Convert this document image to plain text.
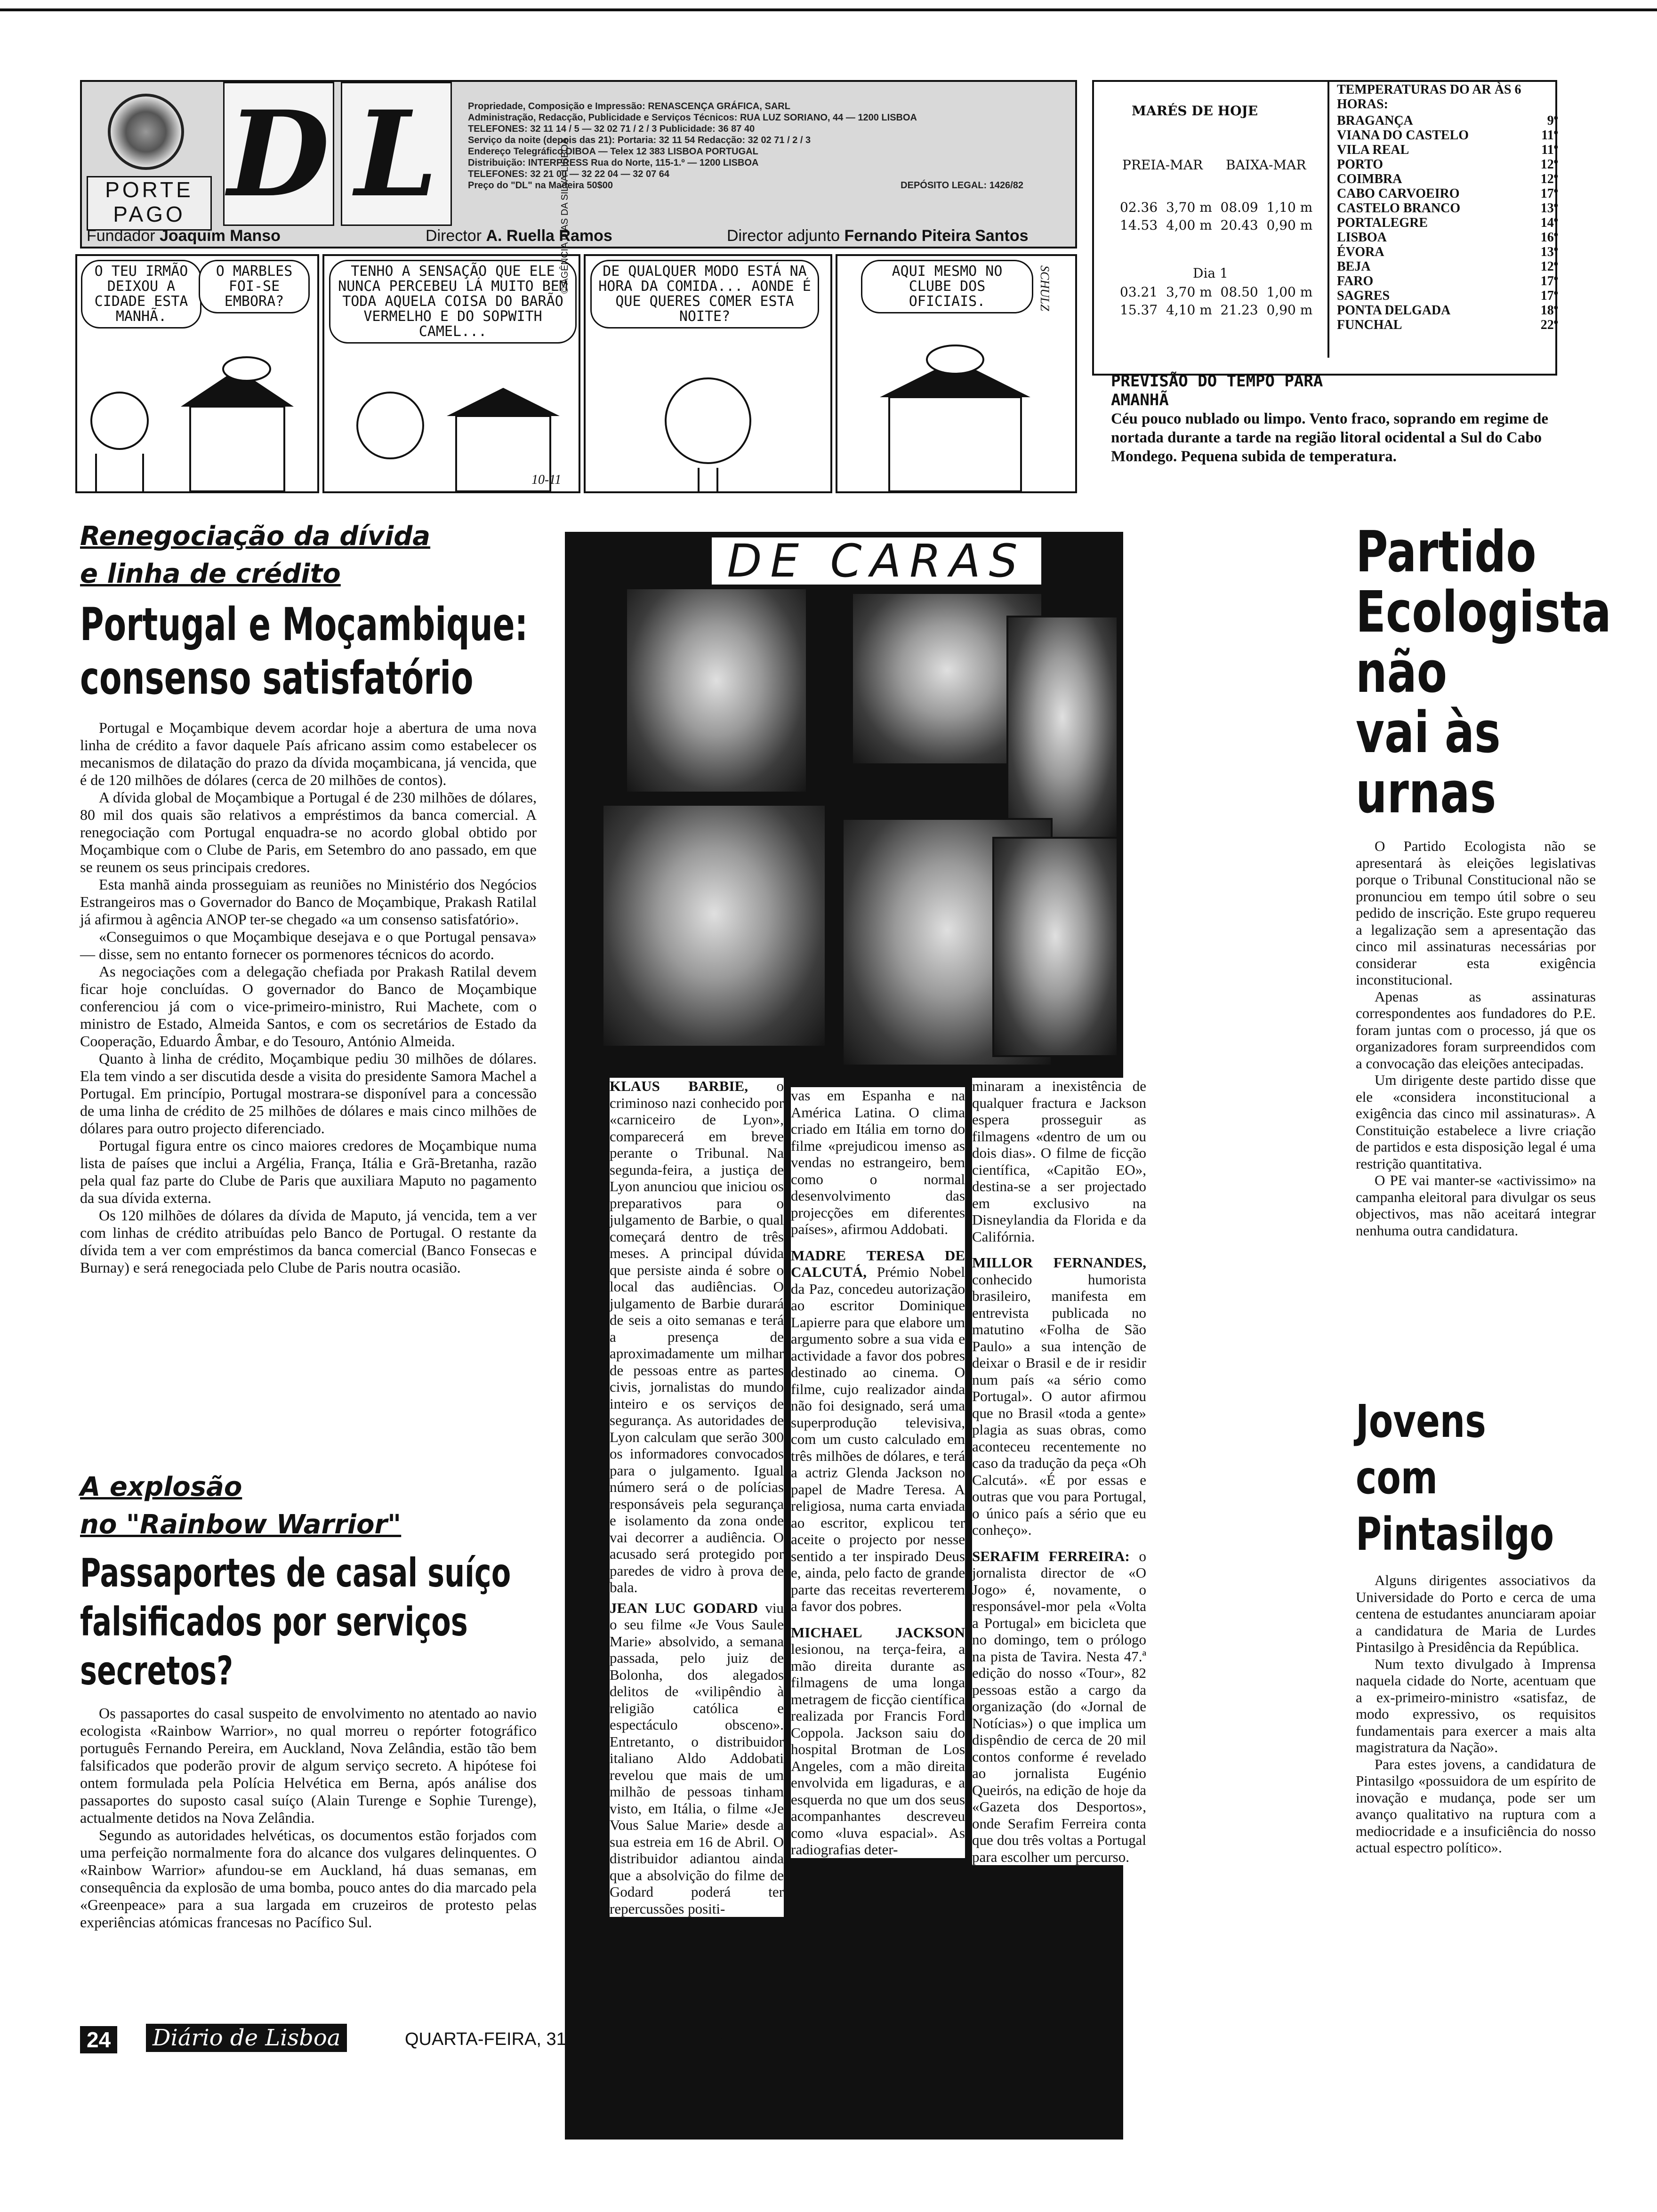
PORTE PAGO D L	Propriedade, Composição e Impressão: RENASCENÇA GRÁFICA, SARL
Administração, Redacção, Publicidade e Serviços Técnicos: RUA LUZ SORIANO, 44 — 1200 LISBOA
TELEFONES: 32 11 14 / 5 — 32 02 71 / 2 / 3 Publicidade: 36 87 40
Serviço da noite (depois das 21): Portaria: 32 11 54 Redacção: 32 02 71 / 2 / 3
Endereço Telegráfico DIBOA — Telex 12 383 LISBOA PORTUGAL
Distribuição: INTERPRESS Rua do Norte, 115-1.º — 1200 LISBOA
TELEFONES: 32 21 00 — 32 22 04 — 32 07 64
Preço do "DL" na Madeira 50$00	DEPÓSITO LEGAL: 1426/82
Fundador Joaquim Manso	Director A. Ruella Ramos	Director adjunto Fernando Piteira Santos
O TEU IRMÃO DEIXOU A CIDADE ESTA MANHÃ.
O MARBLES FOI-SE EMBORA?
TENHO A SENSAÇÃO QUE ELE NUNCA PERCEBEU LÁ MUITO BEM TODA AQUELA COISA DO BARÃO VERMELHO E DO SOPWITH CAMEL...
© AGÊNCIA DIAS DA SILVA-LISBOA
10-11
DE QUALQUER MODO ESTÁ NA HORA DA COMIDA... AONDE É QUE QUERES COMER ESTA NOITE?
AQUI MESMO NO CLUBE DOS OFICIAIS.	SCHULZ
MARÉS DE HOJE
PREIA-MAR BAIXA-MAR
02.36  3,70 m  08.09  1,10 m
14.53  4,00 m  20.43  0,90 m
Dia 1
03.21  3,70 m  08.50  1,00 m
15.37  4,10 m  21.23  0,90 m
TEMPERATURAS DO AR ÀS 6 HORAS:
BRAGANÇA	9º
VIANA DO CASTELO	11º
VILA REAL	11º
PORTO	12º
COIMBRA	12º
CABO CARVOEIRO	17º
CASTELO BRANCO	13º
PORTALEGRE	14º
LISBOA	16º
ÉVORA	13º
BEJA	12º
FARO	17º
SAGRES	17º
PONTA DELGADA	18º
FUNCHAL	22º
PREVISÃO DO TEMPO PARA AMANHÃ
Céu pouco nublado ou limpo. Vento fraco, soprando em regime de nortada durante a tarde na região litoral ocidental a Sul do Cabo Mondego. Pequena subida de temperatura.
Renegociação da dívida
e linha de crédito
Portugal e Moçambique:
consenso satisfatório

Portugal e Moçambique devem acordar hoje a abertura de uma nova linha de crédito a favor daquele País africano assim como estabelecer os mecanismos de dilatação do prazo da dívida moçambicana, já vencida, que é de 120 milhões de dólares (cerca de 20 milhões de contos).

A dívida global de Moçambique a Portugal é de 230 milhões de dólares, 80 mil dos quais são relativos a empréstimos da banca comercial. A renegociação com Portugal enquadra-se no acordo global obtido por Moçambique com o Clube de Paris, em Setembro do ano passado, em que se reunem os seus principais credores.

Esta manhã ainda prosseguiam as reuniões no Ministério dos Negócios Estrangeiros mas o Governador do Banco de Moçambique, Prakash Ratilal já afirmou à agência ANOP ter-se chegado «a um consenso satisfatório».

«Conseguimos o que Moçambique desejava e o que Portugal pensava» — disse, sem no entanto fornecer os pormenores técnicos do acordo.

As negociações com a delegação chefiada por Prakash Ratilal devem ficar hoje concluídas. O governador do Banco de Moçambique conferenciou já com o vice-primeiro-ministro, Rui Machete, com o ministro de Estado, Almeida Santos, e com os secretários de Estado da Cooperação, Eduardo Âmbar, e do Tesouro, António Almeida.

Quanto à linha de crédito, Moçambique pediu 30 milhões de dólares. Ela tem vindo a ser discutida desde a visita do presidente Samora Machel a Portugal. Em princípio, Portugal mostrara-se disponível para a concessão de uma linha de crédito de 25 milhões de dólares e mais cinco milhões de dólares para outro projecto diferenciado.

Portugal figura entre os cinco maiores credores de Moçambique numa lista de países que inclui a Argélia, França, Itália e Grã-Bretanha, razão pela qual faz parte do Clube de Paris que auxiliara Maputo no pagamento da sua dívida externa.

Os 120 milhões de dólares da dívida de Maputo, já vencida, tem a ver com linhas de crédito atribuídas pelo Banco de Portugal. O restante da dívida tem a ver com empréstimos da banca comercial (Banco Fonsecas e Burnay) e será renegociada pelo Clube de Paris noutra ocasião.

A explosão
no "Rainbow Warrior"
Passaportes de casal suíço
falsificados por serviços secretos?

Os passaportes do casal suspeito de envolvimento no atentado ao navio ecologista «Rainbow Warrior», no qual morreu o repórter fotográfico português Fernando Pereira, em Auckland, Nova Zelândia, estão tão bem falsificados que poderão provir de algum serviço secreto. A hipótese foi ontem formulada pela Polícia Helvética em Berna, após análise dos passaportes do suposto casal suíço (Alain Turenge e Sophie Turenge), actualmente detidos na Nova Zelândia.

Segundo as autoridades helvéticas, os documentos estão forjados com uma perfeição normalmente fora do alcance dos vulgares delinquentes. O «Rainbow Warrior» afundou-se em Auckland, há duas semanas, em consequência da explosão de uma bomba, pouco antes do dia marcado pela «Greenpeace» para a sua largada em cruzeiros de protesto pelas experiências atómicas francesas no Pacífico Sul.

DE CARAS

KLAUS BARBIE, o criminoso nazi conhecido por «carniceiro de Lyon», comparecerá em breve perante o Tribunal. Na segunda-feira, a justiça de Lyon anunciou que iniciou os preparativos para o julgamento de Barbie, o qual começará dentro de três meses. A principal dúvida que persiste ainda é sobre o local das audiências. O julgamento de Barbie durará de seis a oito semanas e terá a presença de aproximadamente um milhar de pessoas entre as partes civis, jornalistas do mundo inteiro e os serviços de segurança. As autoridades de Lyon calculam que serão 300 os informadores convocados para o julgamento. Igual número será o de polícias responsáveis pela segurança e isolamento da zona onde vai decorrer a audiência. O acusado será protegido por paredes de vidro à prova de bala.

JEAN LUC GODARD viu o seu filme «Je Vous Saule Marie» absolvido, a semana passada, pelo juiz de Bolonha, dos alegados delitos de «vilipêndio à religião católica e espectáculo obsceno». Entretanto, o distribuidor italiano Aldo Addobati revelou que mais de um milhão de pessoas tinham visto, em Itália, o filme «Je Vous Salue Marie» desde a sua estreia em 16 de Abril. O distribuidor adiantou ainda que a absolvição do filme de Godard poderá ter repercussões positi-

vas em Espanha e na América Latina. O clima criado em Itália em torno do filme «prejudicou imenso as vendas no estrangeiro, bem como o normal desenvolvimento das projecções em diferentes países», afirmou Addobati.

MADRE TERESA DE CALCUTÁ, Prémio Nobel da Paz, concedeu autorização ao escritor Dominique Lapierre para que elabore um argumento sobre a sua vida e actividade a favor dos pobres destinado ao cinema. O filme, cujo realizador ainda não foi designado, será uma superprodução televisiva, com um custo calculado em três milhões de dólares, e terá a actriz Glenda Jackson no papel de Madre Teresa. A religiosa, numa carta enviada ao escritor, explicou ter aceite o projecto por nesse sentido a ter inspirado Deus e, ainda, pelo facto de grande parte das receitas reverterem a favor dos pobres.

MICHAEL JACKSON lesionou, na terça-feira, a mão direita durante as filmagens de uma longa metragem de ficção científica realizada por Francis Ford Coppola. Jackson saiu do hospital Brotman de Los Angeles, com a mão direita envolvida em ligaduras, e a esquerda no que um dos seus acompanhantes descreveu como «luva espacial». As radiografias deter-

minaram a inexistência de qualquer fractura e Jackson espera prosseguir as filmagens «dentro de um ou dois dias». O filme de ficção científica, «Capitão EO», destina-se a ser projectado em exclusivo na Disneylandia da Florida e da Califórnia.

MILLOR FERNANDES, conhecido humorista brasileiro, manifesta em entrevista publicada no matutino «Folha de São Paulo» a sua intenção de deixar o Brasil e de ir residir num país «a sério como Portugal». O autor afirmou que no Brasil «toda a gente» plagia as suas obras, como aconteceu recentemente no caso da tradução da peça «Oh Calcutá». «É por essas e outras que vou para Portugal, o único país a sério que eu conheço».

SERAFIM FERREIRA: o jornalista director de «O Jogo» é, novamente, o responsável-mor pela «Volta a Portugal» em bicicleta que no domingo, tem o prólogo na pista de Tavira. Nesta 47.ª edição do nosso «Tour», 82 pessoas estão a cargo da organização (do «Jornal de Notícias») o que implica um dispêndio de cerca de 20 mil contos conforme é revelado ao jornalista Eugénio Queirós, na edição de hoje da «Gazeta dos Desportos», onde Serafim Ferreira conta que dou três voltas a Portugal para escolher um percurso.

Partido
Ecologista
não
vai às
urnas

O Partido Ecologista não se apresentará às eleições legislativas porque o Tribunal Constitucional não se pronunciou em tempo útil sobre o seu pedido de inscrição. Este grupo requereu a legalização sem a apresentação das cinco mil assinaturas necessárias por considerar esta exigência inconstitucional.

Apenas as assinaturas correspondentes aos fundadores do P.E. foram juntas com o processo, já que os organizadores foram surpreendidos com a convocação das eleições antecipadas.

Um dirigente deste partido disse que ele «considera inconstitucional a exigência das cinco mil assinaturas». A Constituição estabelece a livre criação de partidos e esta disposição legal é uma restrição quantitativa.

O PE vai manter-se «activissimo» na campanha eleitoral para divulgar os seus objectivos, mas não aceitará integrar nenhuma outra candidatura.

Jovens
com
Pintasilgo

Alguns dirigentes associativos da Universidade do Porto e cerca de uma centena de estudantes anunciaram apoiar a candidatura de Maria de Lurdes Pintasilgo à Presidência da República.

Num texto divulgado à Imprensa naquela cidade do Norte, acentuam que a ex-primeiro-ministro «satisfaz, de modo expressivo, os requisitos fundamentais para exercer a mais alta magistratura da Nação».

Para estes jovens, a candidatura de Pintasilgo «possuidora de um espírito de inovação e mudança, pode ser um avanço qualitativo na ruptura com a mediocridade e a insuficiência do nosso actual espectro político».

24 Diário de Lisboa	QUARTA-FEIRA, 31 DE JULHO DE 1985
